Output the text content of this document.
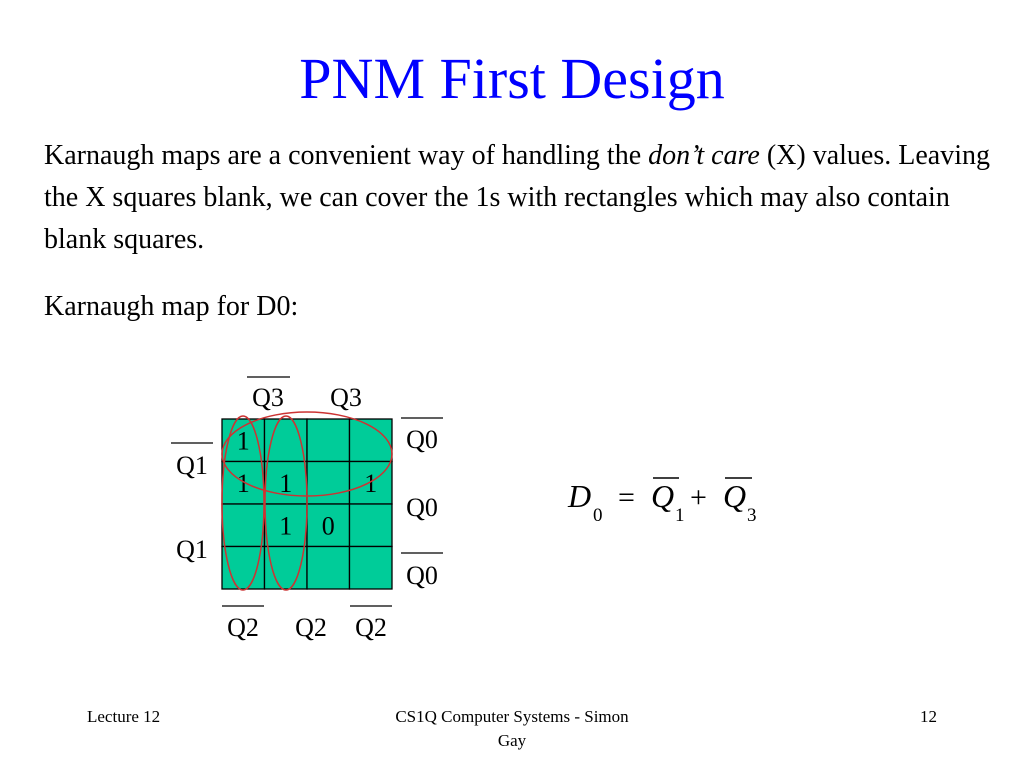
PNM First Design
Karnaugh maps are a convenient way of handling the don’t care (X) values. Leaving the X squares blank, we can cover the 1s with rectangles which may also contain blank squares.
Karnaugh map for D0:
1
1 1	1
1 0
Q3 Q3
Q1
Q1
Q0
Q0
Q0
Q2 Q2 Q2
D
0
= Q
1
+ Q
3
Lecture 12	CS1Q Computer Systems - Simon
Gay
12
